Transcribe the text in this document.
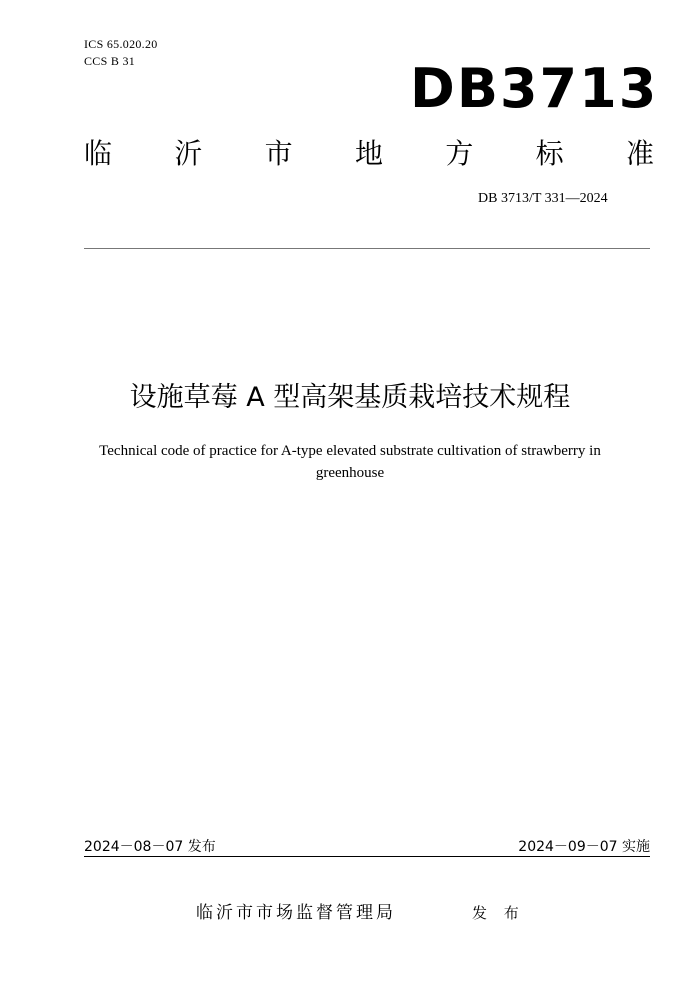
ICS 65.020.20
CCS B 31	DB3713
临 沂 市 地 方 标 准
DB 3713/T 331—2024
设施草莓 A 型高架基质栽培技术规程
Technical code of practice for A-type elevated substrate cultivation of strawberry in greenhouse
2024－08－07 发布	2024－09－07 实施
临沂市市场监督管理局	发 布
